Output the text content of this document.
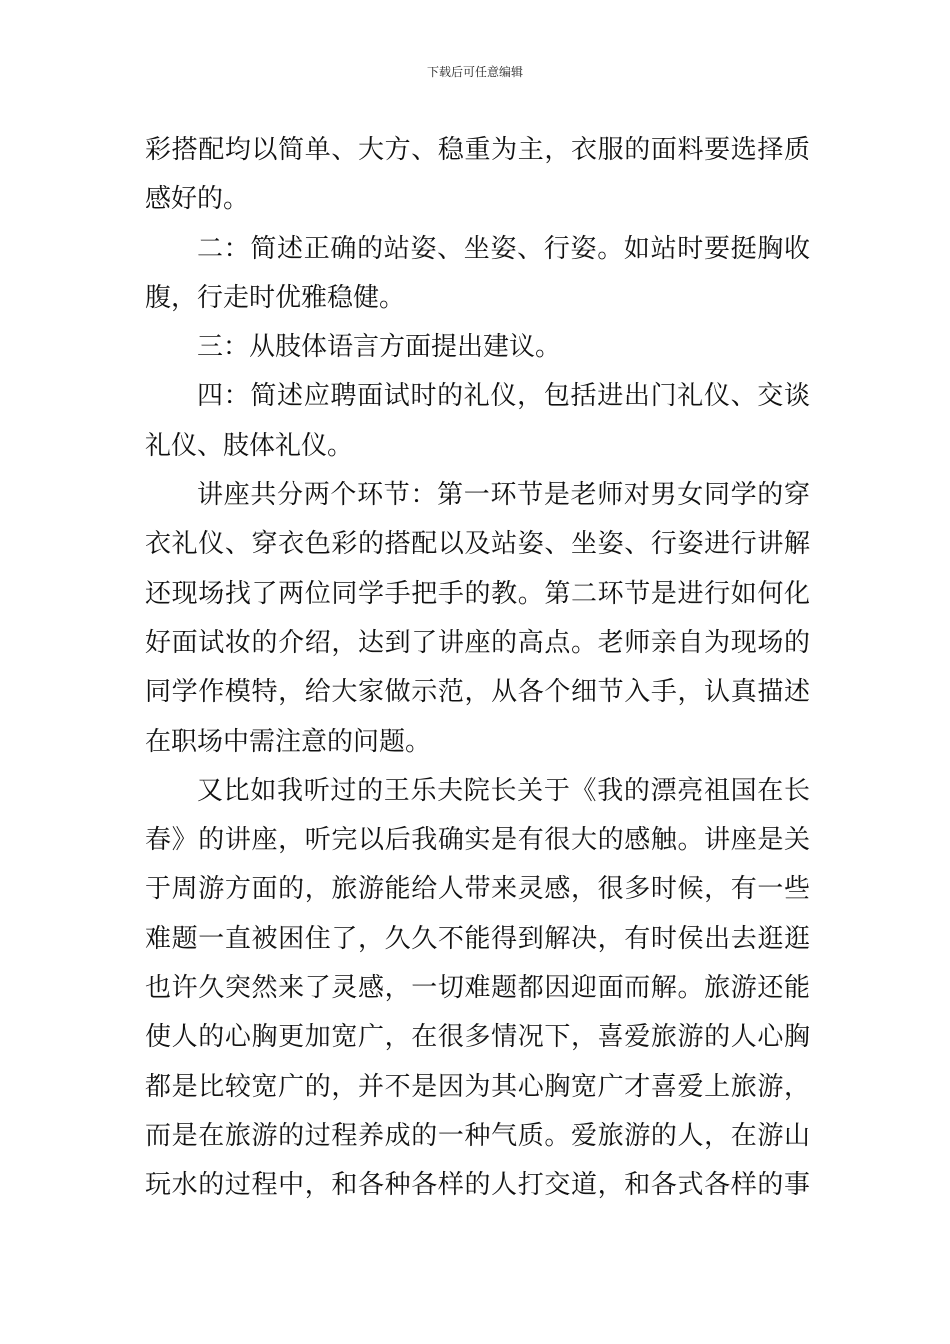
下载后可任意编辑
彩搭配均以简单、大方、稳重为主，衣服的面料要选择质
感好的。
二：简述正确的站姿、坐姿、行姿。如站时要挺胸收
腹，行走时优雅稳健。
三：从肢体语言方面提出建议。
四：简述应聘面试时的礼仪，包括进出门礼仪、交谈
礼仪、肢体礼仪。
讲座共分两个环节：第一环节是老师对男女同学的穿
衣礼仪、穿衣色彩的搭配以及站姿、坐姿、行姿进行讲解
还现场找了两位同学手把手的教。第二环节是进行如何化
好面试妆的介绍，达到了讲座的高点。老师亲自为现场的
同学作模特，给大家做示范，从各个细节入手，认真描述
在职场中需注意的问题。
又比如我听过的王乐夫院长关于《我的漂亮祖国在长
春》的讲座，听完以后我确实是有很大的感触。讲座是关
于周游方面的，旅游能给人带来灵感，很多时候，有一些
难题一直被困住了，久久不能得到解决，有时侯出去逛逛
也许久突然来了灵感，一切难题都因迎面而解。旅游还能
使人的心胸更加宽广，在很多情况下，喜爱旅游的人心胸
都是比较宽广的，并不是因为其心胸宽广才喜爱上旅游，
而是在旅游的过程养成的一种气质。爱旅游的人，在游山
玩水的过程中，和各种各样的人打交道，和各式各样的事
